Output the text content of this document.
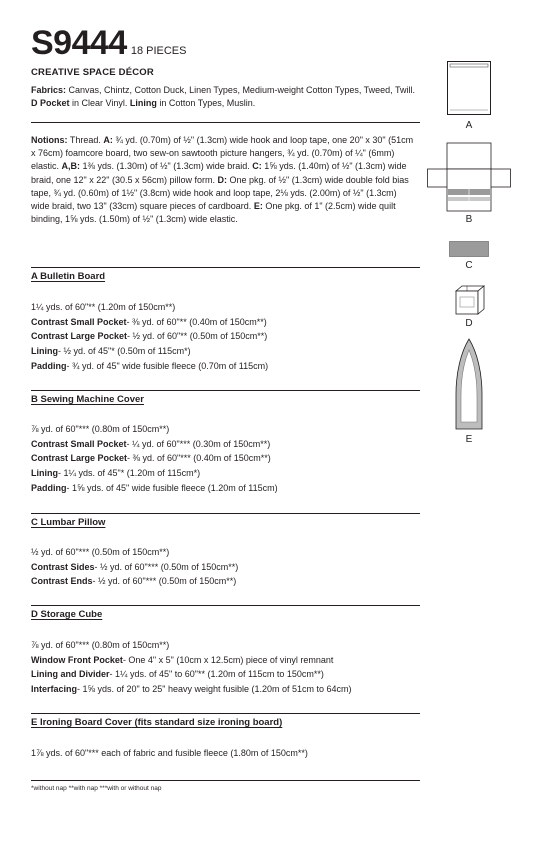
S9444 18 PIECES
CREATIVE SPACE DÉCOR
Fabrics: Canvas, Chintz, Cotton Duck, Linen Types, Medium-weight Cotton Types, Tweed, Twill. D Pocket in Clear Vinyl. Lining in Cotton Types, Muslin.
Notions: Thread. A: ¾ yd. (0.70m) of ½" (1.3cm) wide hook and loop tape, one 20" x 30" (51cm x 76cm) foamcore board, two sew-on sawtooth picture hangers, ¾ yd. (0.70m) of ¼" (6mm) elastic. A,B: 1⅜ yds. (1.30m) of ½" (1.3cm) wide braid. C: 1⅝ yds. (1.40m) of ½" (1.3cm) wide braid, one 12" x 22" (30.5 x 56cm) pillow form. D: One pkg. of ½" (1.3cm) wide double fold bias tape, ¾ yd. (0.60m) of 1½" (3.8cm) wide hook and loop tape, 2⅛ yds. (2.00m) of ½" (1.3cm) wide braid, two 13" (33cm) square pieces of cardboard. E: One pkg. of 1" (2.5cm) wide quilt binding, 1⅝ yds. (1.50m) of ½" (1.3cm) wide elastic.
A Bulletin Board
1¼ yds. of 60"** (1.20m of 150cm**)
Contrast Small Pocket- ⅜ yd. of 60"** (0.40m of 150cm**)
Contrast Large Pocket- ½ yd. of 60"** (0.50m of 150cm**)
Lining- ½ yd. of 45"* (0.50m of 115cm*)
Padding- ¾ yd. of 45" wide fusible fleece (0.70m of 115cm)
B Sewing Machine Cover
⅞ yd. of 60"*** (0.80m of 150cm**)
Contrast Small Pocket- ¼ yd. of 60"*** (0.30m of 150cm**)
Contrast Large Pocket- ⅜ yd. of 60"*** (0.40m of 150cm**)
Lining- 1¼ yds. of 45"* (1.20m of 115cm*)
Padding- 1⅝ yds. of 45" wide fusible fleece (1.20m of 115cm)
C Lumbar Pillow
½ yd. of 60"*** (0.50m of 150cm**)
Contrast Sides- ½ yd. of 60"*** (0.50m of 150cm**)
Contrast Ends- ½ yd. of 60"*** (0.50m of 150cm**)
D Storage Cube
⅞ yd. of 60"*** (0.80m of 150cm**)
Window Front Pocket- One 4" x 5" (10cm x 12.5cm) piece of vinyl remnant
Lining and Divider- 1¼ yds. of 45" to 60"** (1.20m of 115cm to 150cm**)
Interfacing- 1⅝ yds. of 20" to 25" heavy weight fusible (1.20m of 51cm to 64cm)
E Ironing Board Cover (fits standard size ironing board)
1⅞ yds. of 60"*** each of fabric and fusible fleece (1.80m of 150cm**)
*without nap **with nap ***with or without nap
A
B
C
D
E
